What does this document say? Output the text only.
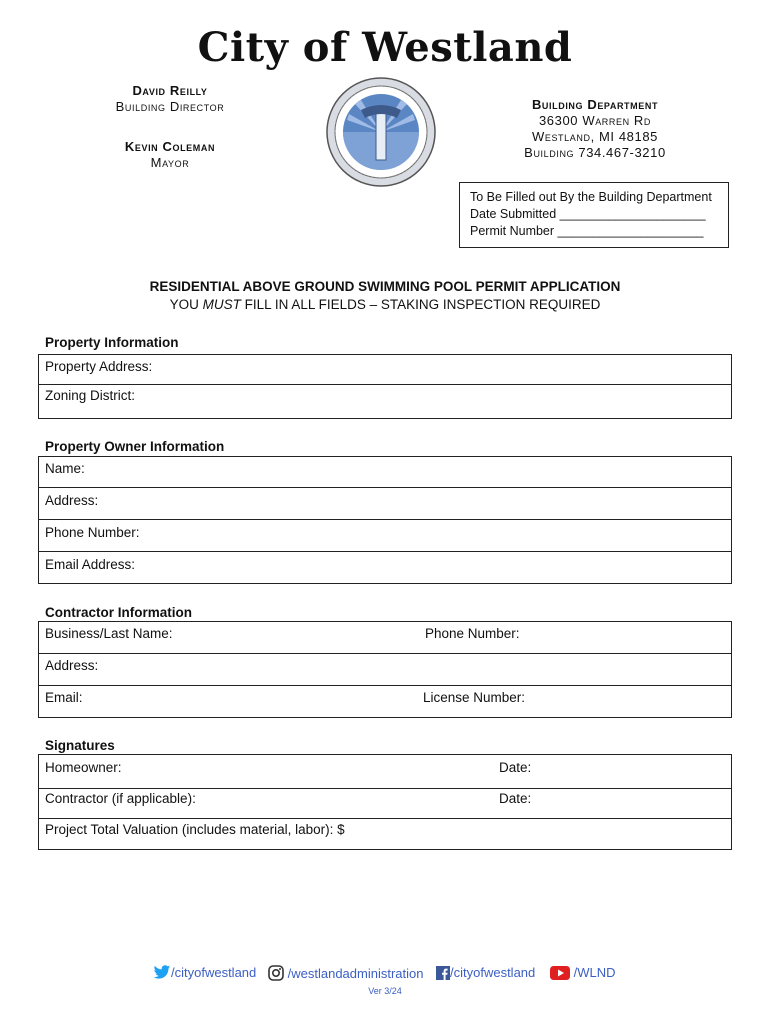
City of Westland
David Reilly
Building Director
Kevin Coleman
Mayor
Building Department
36300 Warren Rd
Westland, MI 48185
Building 734.467-3210
To Be Filled out By the Building Department
Date Submitted _____________________
Permit Number _____________________
RESIDENTIAL ABOVE GROUND SWIMMING POOL PERMIT APPLICATION
YOU MUST FILL IN ALL FIELDS – STAKING INSPECTION REQUIRED
Property Information
Property Address:
Zoning District:
Property Owner Information
Name:
Address:
Phone Number:
Email Address:
Contractor Information
Business/Last Name:	Phone Number:
Address:
Email:	License Number:
Signatures
Homeowner:	Date:
Contractor (if applicable):	Date:
Project Total Valuation (includes material, labor): $
/cityofwestland	/westlandadministration	/cityofwestland	/WLND
Ver 3/24
